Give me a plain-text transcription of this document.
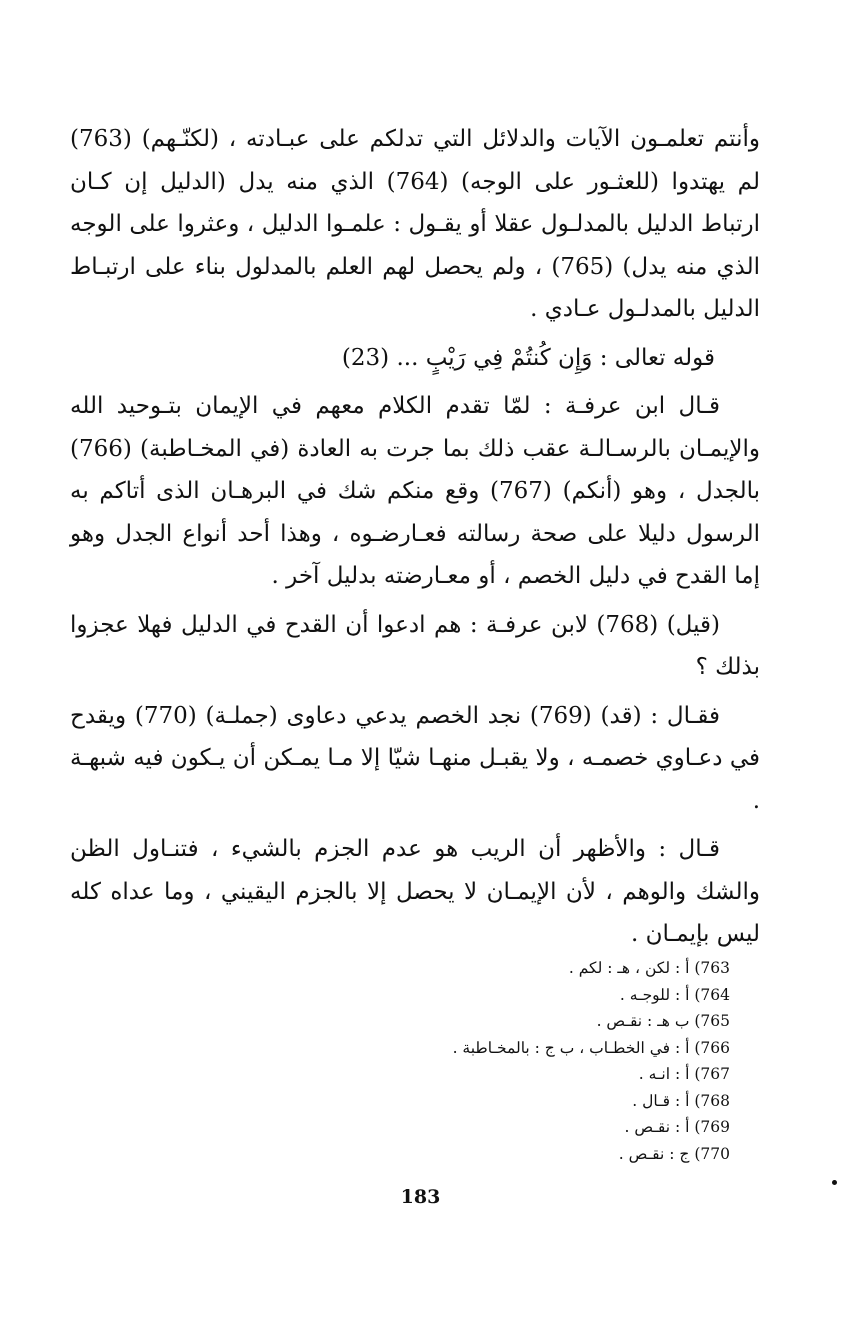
وأنتم تعلمـون الآيات والدلائل التي تدلكم على عبـادته ، (لكنّـهم) (763) لم يهتدوا (للعثـور على الوجه) (764) الذي منه يدل (الدليل إن كـان ارتباط الدليل بالمدلـول عقلا أو يقـول : علمـوا الدليل ، وعثروا على الوجه الذي منه يدل) (765) ، ولم يحصل لهم العلم بالمدلول بناء على ارتبـاط الدليل بالمدلـول عـادي .

قوله تعالى : وَإِن كُنتُمْ فِي رَيْبٍ ... (23)

قـال ابن عرفـة : لمّا تقدم الكلام معهم في الإيمان بتـوحيد الله والإيمـان بالرسـالـة عقب ذلك بما جرت به العادة (في المخـاطبة) (766) بالجدل ، وهو (أنكم) (767) وقع منكم شك في البرهـان الذى أتاكم به الرسول دليلا على صحة رسالته فعـارضـوه ، وهذا أحد أنواع الجدل وهو إما القدح في دليل الخصم ، أو معـارضته بدليل آخر .

(قيل) (768) لابن عرفـة : هم ادعوا أن القدح في الدليل فهلا عجزوا بذلك ؟

فقـال : (قد) (769) نجد الخصم يدعي دعاوى (جملـة) (770) ويقدح في دعـاوي خصمـه ، ولا يقبـل منهـا شيّا إلا مـا يمـكن أن يـكون فيه شبهـة .

قـال : والأظهر أن الريب هو عدم الجزم بالشيء ، فتنـاول الظن والشك والوهم ، لأن الإيمـان لا يحصل إلا بالجزم اليقيني ، وما عداه كله ليس بإيمـان .

763) أ : لكن ، هـ : لكم .
764) أ : للوجـه .
765) ب هـ : نقـص .
766) أ : في الخطـاب ، ب ج : بالمخـاطبة .
767) أ : انـه .
768) أ : قـال .
769) أ : نقـص .
770) ج : نقـص .
183
